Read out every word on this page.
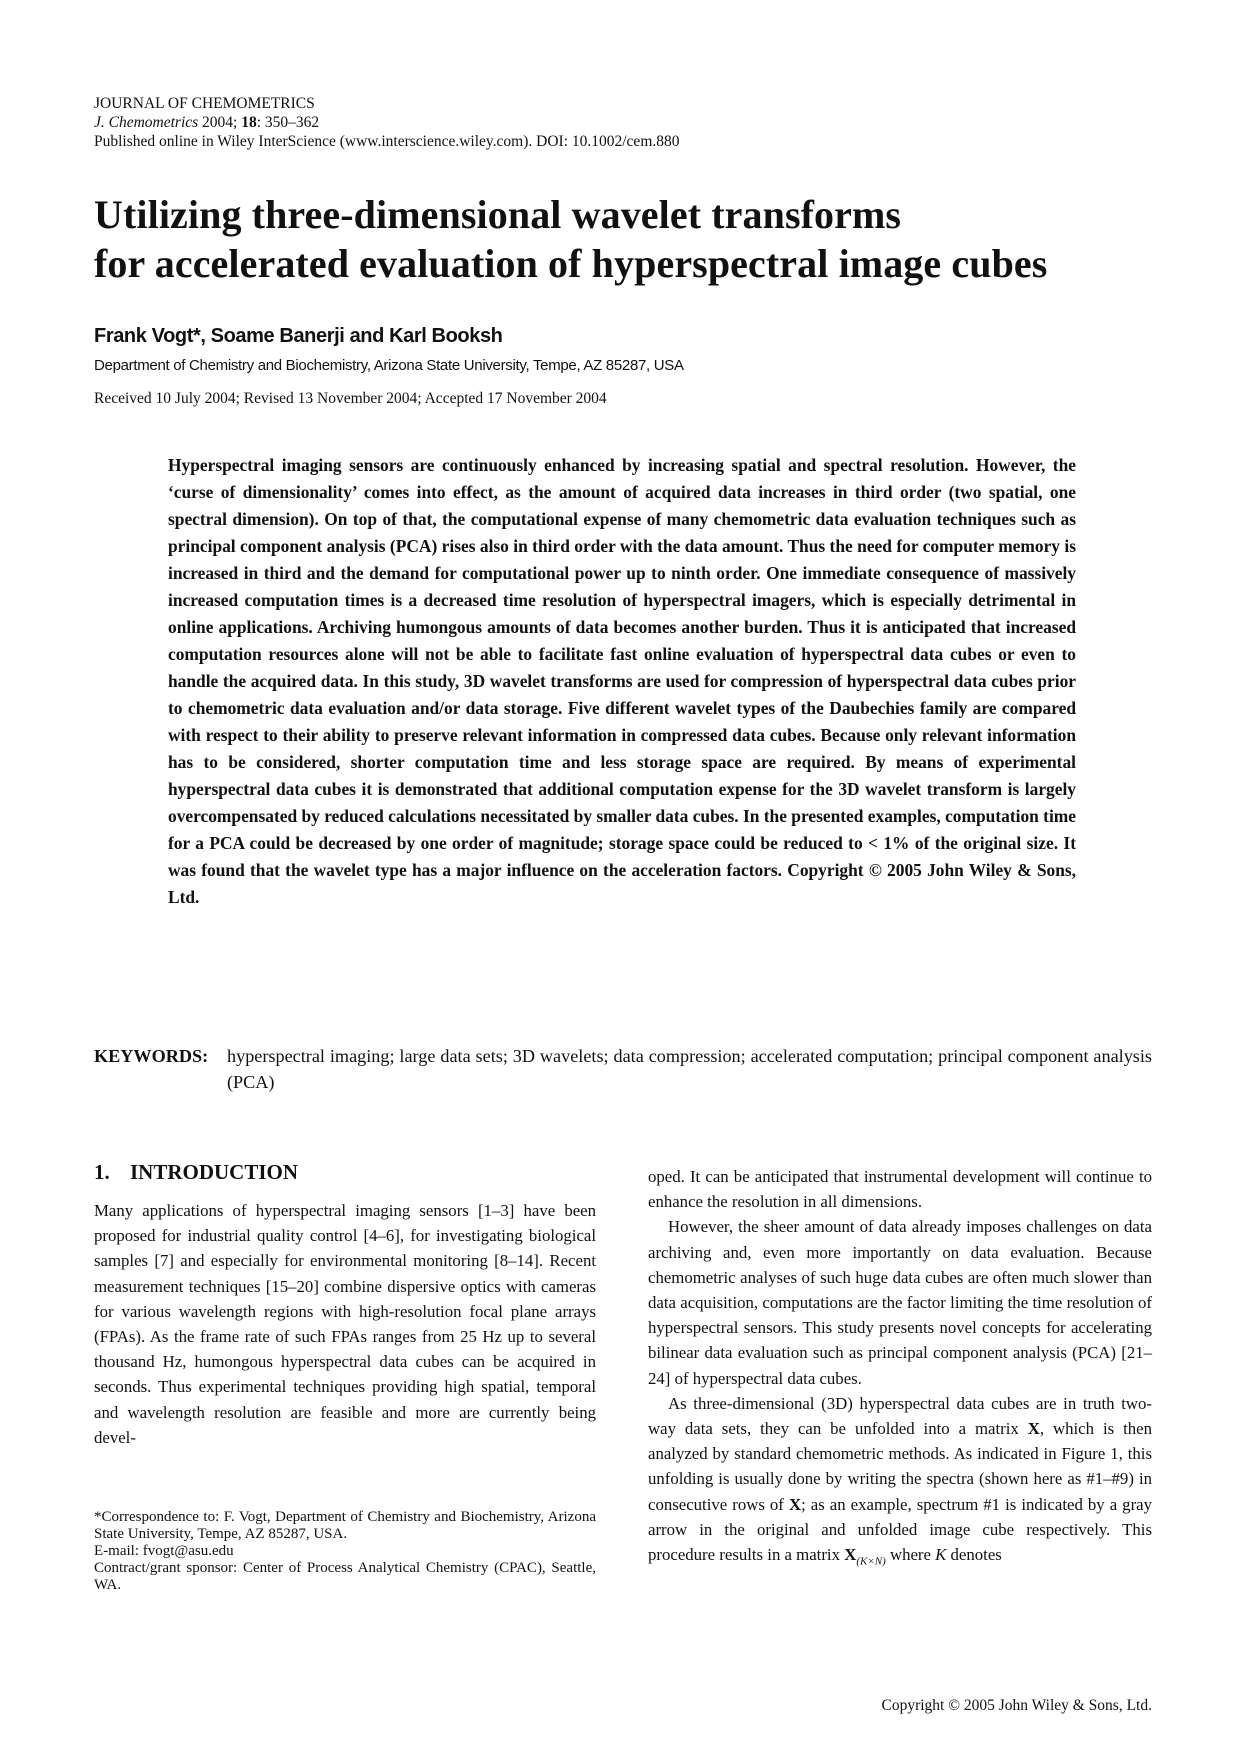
JOURNAL OF CHEMOMETRICS
J. Chemometrics 2004; 18: 350–362
Published online in Wiley InterScience (www.interscience.wiley.com). DOI: 10.1002/cem.880
Utilizing three-dimensional wavelet transforms
for accelerated evaluation of hyperspectral image cubes
Frank Vogt*, Soame Banerji and Karl Booksh
Department of Chemistry and Biochemistry, Arizona State University, Tempe, AZ 85287, USA
Received 10 July 2004; Revised 13 November 2004; Accepted 17 November 2004
Hyperspectral imaging sensors are continuously enhanced by increasing spatial and spectral resolution. However, the ‘curse of dimensionality’ comes into effect, as the amount of acquired data increases in third order (two spatial, one spectral dimension). On top of that, the computational expense of many chemometric data evaluation techniques such as principal component analysis (PCA) rises also in third order with the data amount. Thus the need for computer memory is increased in third and the demand for computational power up to ninth order. One immediate consequence of massively increased computation times is a decreased time resolution of hyperspectral imagers, which is especially detrimental in online applications. Archiving humongous amounts of data becomes another burden. Thus it is anticipated that increased computation resources alone will not be able to facilitate fast online evaluation of hyperspectral data cubes or even to handle the acquired data. In this study, 3D wavelet transforms are used for compression of hyperspectral data cubes prior to chemometric data evaluation and/or data storage. Five different wavelet types of the Daubechies family are compared with respect to their ability to preserve relevant information in compressed data cubes. Because only relevant information has to be considered, shorter computation time and less storage space are required. By means of experimental hyperspectral data cubes it is demonstrated that additional computation expense for the 3D wavelet transform is largely overcompensated by reduced calculations necessitated by smaller data cubes. In the presented examples, computation time for a PCA could be decreased by one order of magnitude; storage space could be reduced to < 1% of the original size. It was found that the wavelet type has a major influence on the acceleration factors. Copyright © 2005 John Wiley & Sons, Ltd.
KEYWORDS: hyperspectral imaging; large data sets; 3D wavelets; data compression; accelerated computation; principal component analysis (PCA)
1. INTRODUCTION

Many applications of hyperspectral imaging sensors [1–3] have been proposed for industrial quality control [4–6], for investigating biological samples [7] and especially for environmental monitoring [8–14]. Recent measurement techniques [15–20] combine dispersive optics with cameras for various wavelength regions with high-resolution focal plane arrays (FPAs). As the frame rate of such FPAs ranges from 25 Hz up to several thousand Hz, humongous hyperspectral data cubes can be acquired in seconds. Thus experimental techniques providing high spatial, temporal and wavelength resolution are feasible and more are currently being devel-

oped. It can be anticipated that instrumental development will continue to enhance the resolution in all dimensions.

However, the sheer amount of data already imposes challenges on data archiving and, even more importantly on data evaluation. Because chemometric analyses of such huge data cubes are often much slower than data acquisition, computations are the factor limiting the time resolution of hyperspectral sensors. This study presents novel concepts for accelerating bilinear data evaluation such as principal component analysis (PCA) [21–24] of hyperspectral data cubes.

As three-dimensional (3D) hyperspectral data cubes are in truth two-way data sets, they can be unfolded into a matrix X, which is then analyzed by standard chemometric methods. As indicated in Figure 1, this unfolding is usually done by writing the spectra (shown here as #1–#9) in consecutive rows of X; as an example, spectrum #1 is indicated by a gray arrow in the original and unfolded image cube respectively. This procedure results in a matrix $X_{(K\times N)}$ where K denotes

*Correspondence to: F. Vogt, Department of Chemistry and Biochemistry, Arizona State University, Tempe, AZ 85287, USA.

E-mail: fvogt@asu.edu

Contract/grant sponsor: Center of Process Analytical Chemistry (CPAC), Seattle, WA.

Copyright © 2005 John Wiley & Sons, Ltd.
